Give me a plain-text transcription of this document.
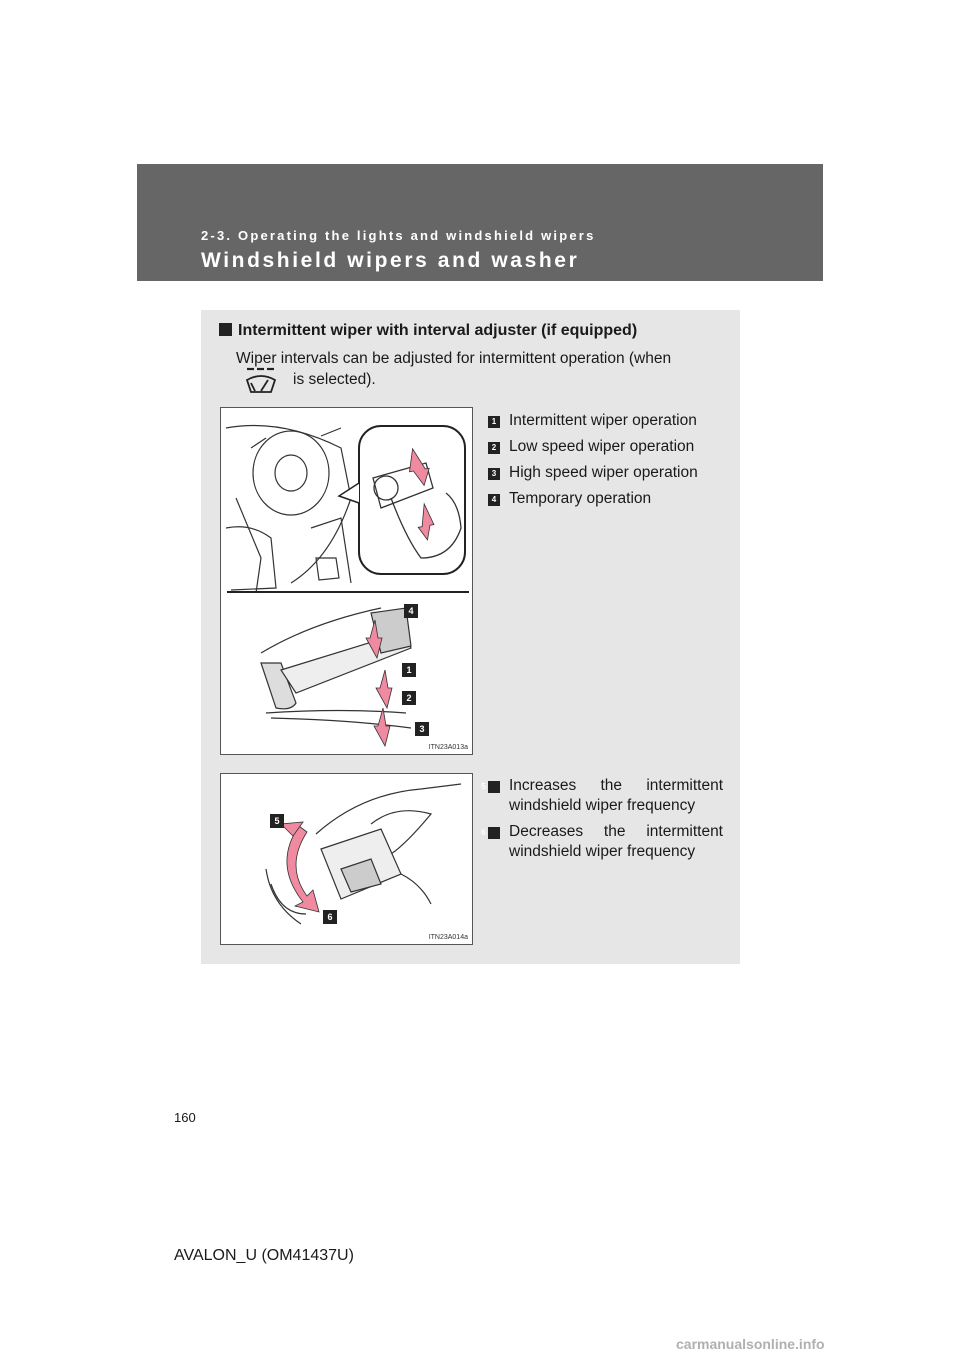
2-3. Operating the lights and windshield wipers
Windshield wipers and washer
Intermittent wiper with interval adjuster (if equipped)
Wiper intervals can be adjusted for intermittent operation (when
is selected).
4
1
2
3
ITN23A013a
1 Intermittent wiper operation
2 Low speed wiper operation
3 High speed wiper operation
4 Temporary operation
5
6
ITN23A014a
5 Increases the intermittent windshield wiper frequency
6 Decreases the intermittent windshield wiper frequency
160
AVALON_U (OM41437U)
carmanualsonline.info
